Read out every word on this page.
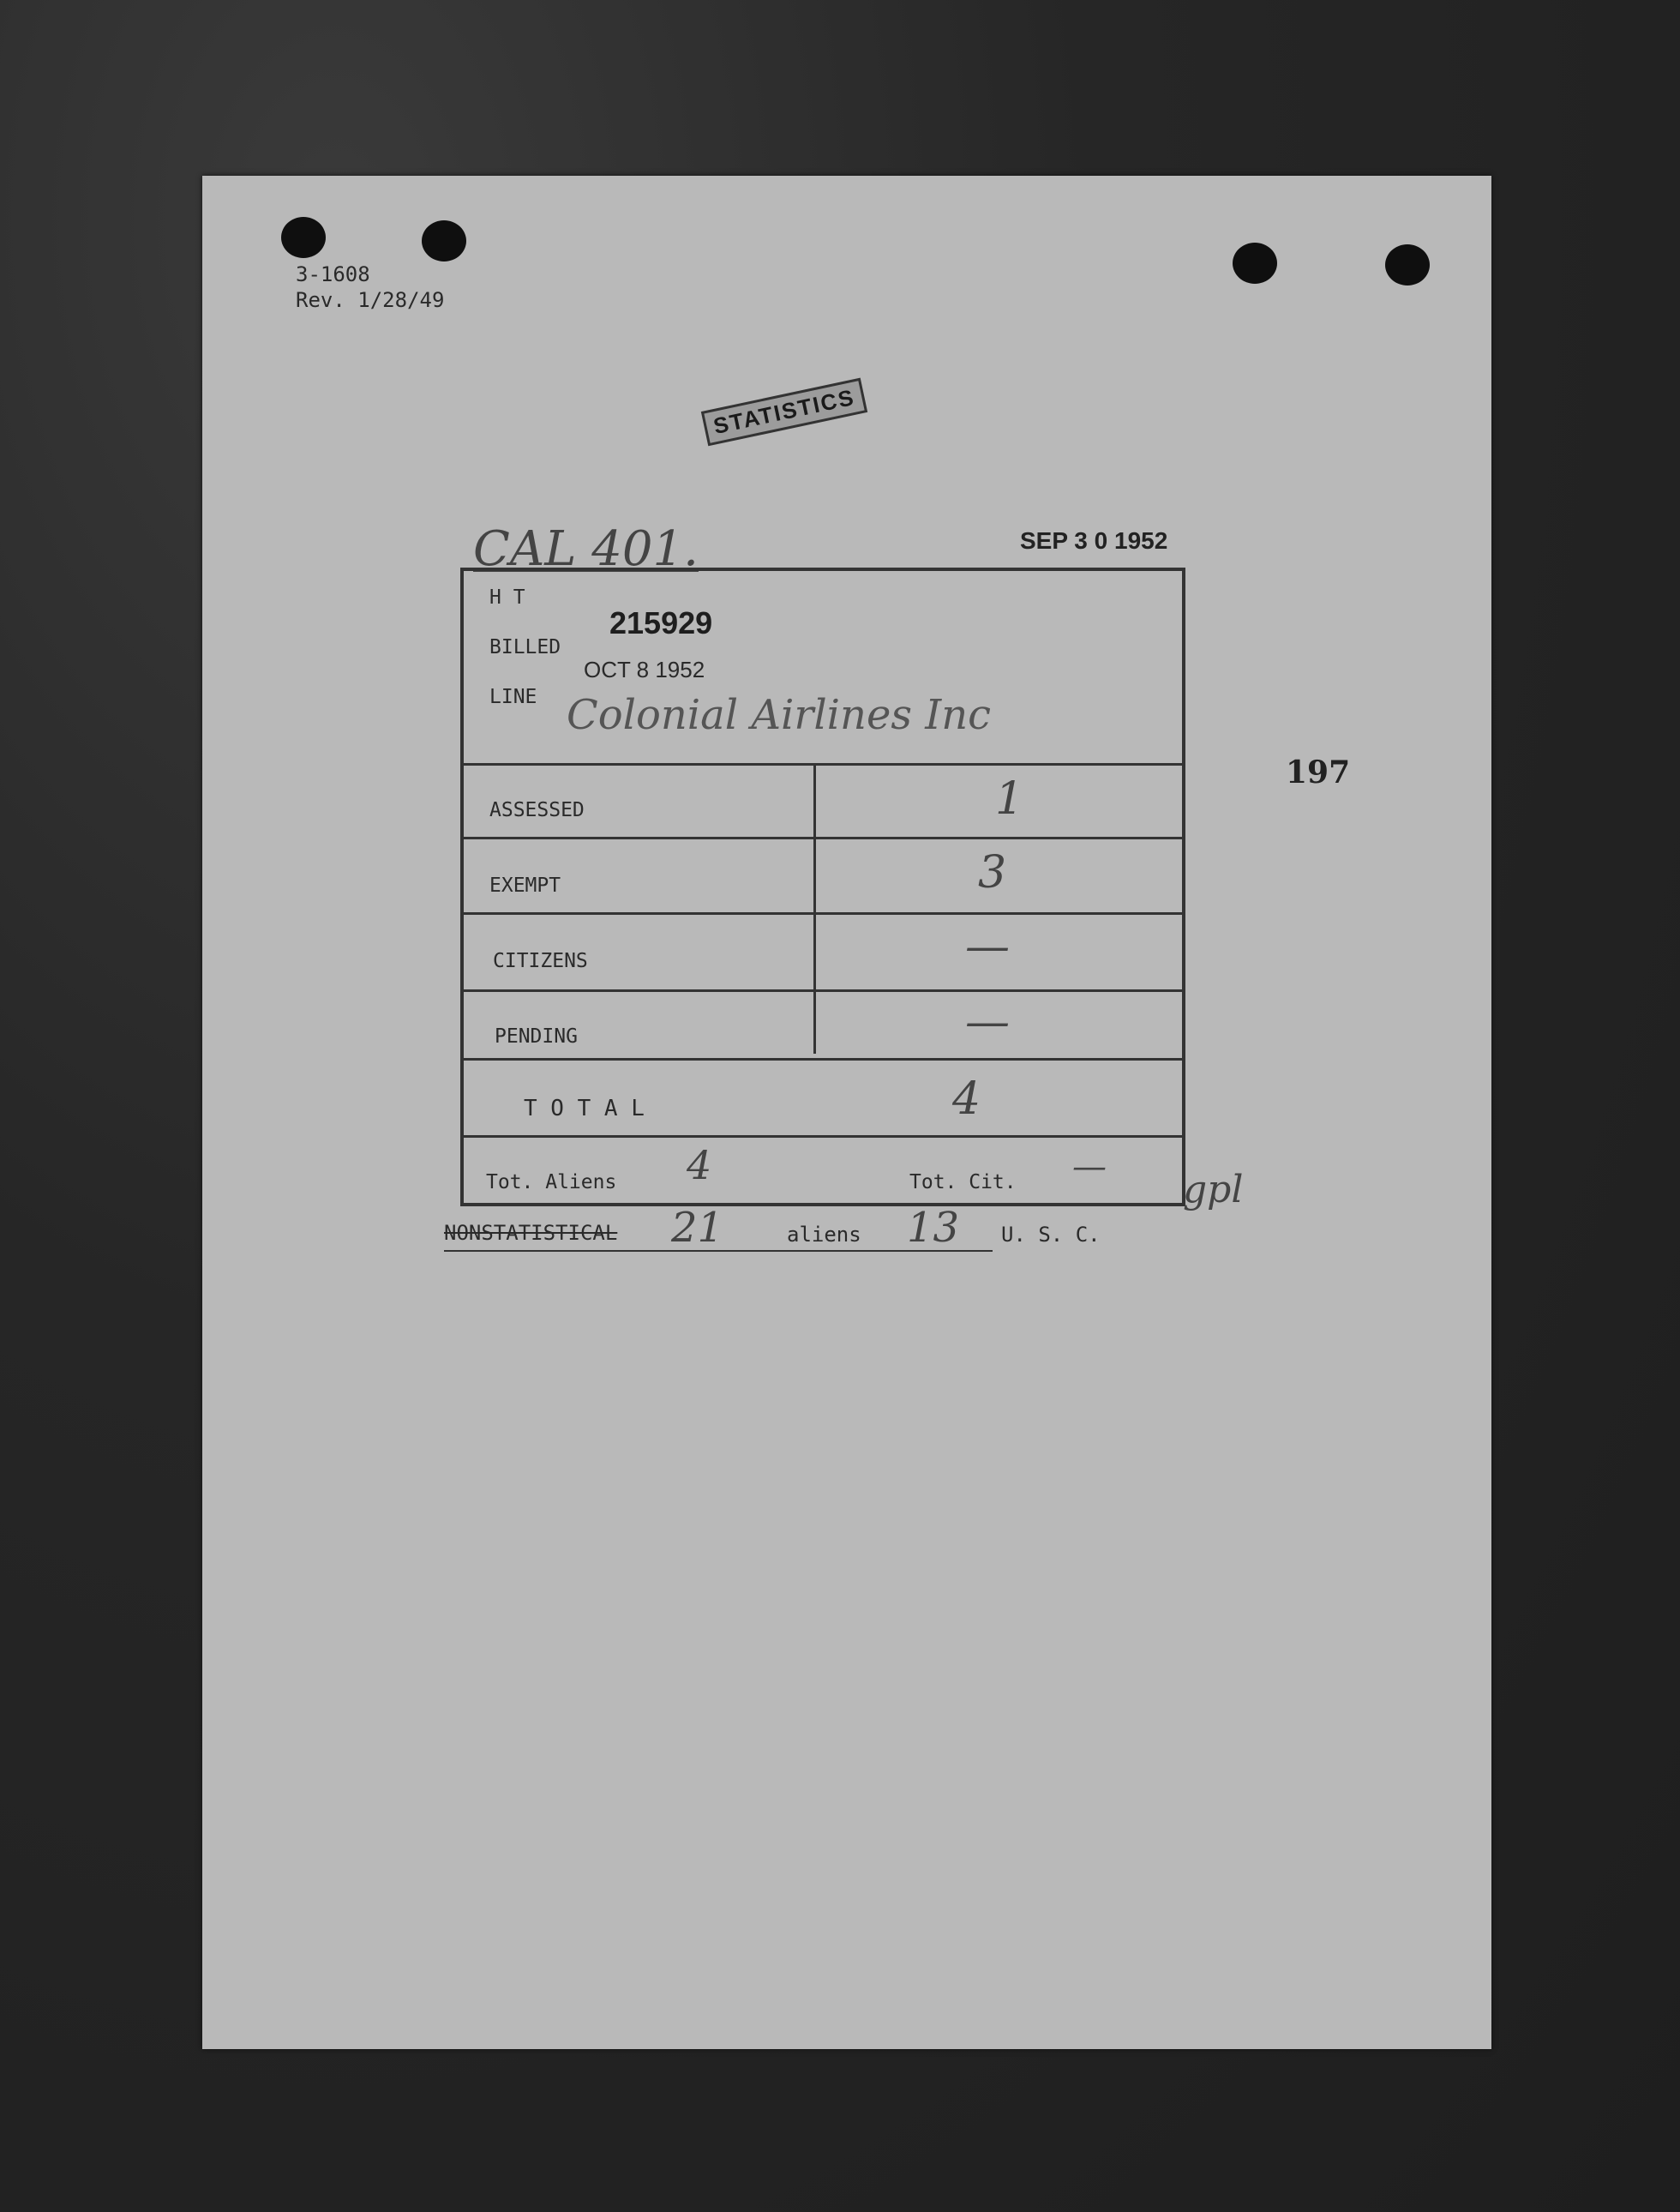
3-1608
Rev. 1/28/49
STATISTICS
CAL 401.	SEP 3 0 1952
197
H T
215929
BILLED
OCT 8 1952
LINE Colonial Airlines Inc
ASSESSED	1
EXEMPT	3
CITIZENS	—
PENDING	—
T O T A L	4
Tot. Aliens 4	Tot. Cit. —
gpl
NONSTATISTICAL 21	aliens 13 U. S. C.
